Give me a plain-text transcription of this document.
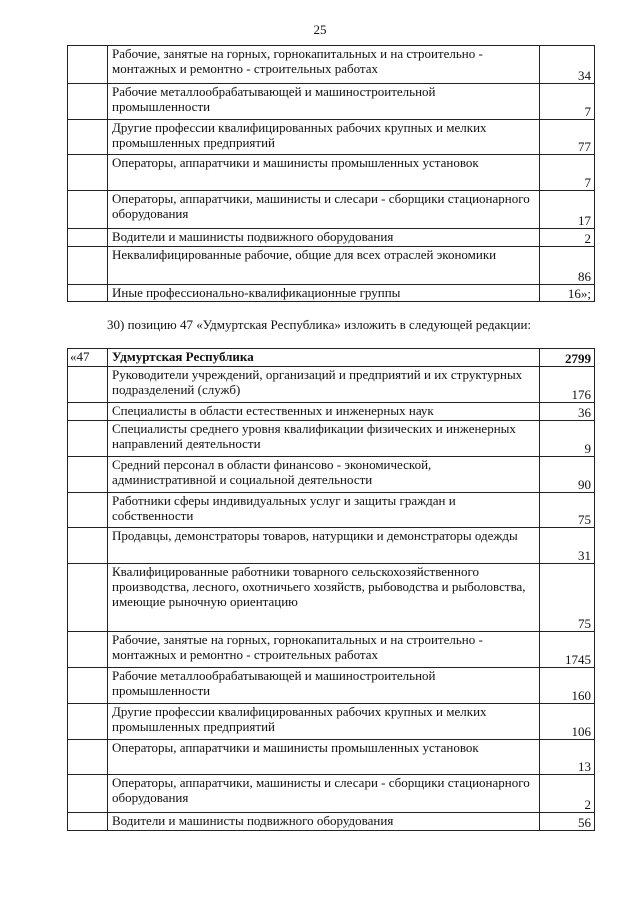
25
	Рабочие, занятые на горных, горнокапитальных и на строительно - монтажных и ремонтно - строительных работах	34
	Рабочие металлообрабатывающей и машиностроительной промышленности	7
	Другие профессии квалифицированных рабочих крупных и мелких промышленных предприятий	77
	Операторы, аппаратчики и машинисты промышленных установок	7
	Операторы, аппаратчики, машинисты и слесари - сборщики стационарного оборудования	17
	Водители и машинисты подвижного оборудования	2
	Неквалифицированные рабочие, общие для всех отраслей экономики	86
	Иные профессионально-квалификационные группы	16»;
30) позицию 47 «Удмуртская Республика» изложить в следующей редакции:
«47	Удмуртская Республика	2799
	Руководители учреждений, организаций и предприятий и их структурных подразделений (служб)	176
	Специалисты в области естественных и инженерных наук	36
	Специалисты среднего уровня квалификации физических и инженерных направлений деятельности	9
	Средний персонал в области финансово - экономической, административной и социальной деятельности	90
	Работники сферы индивидуальных услуг и защиты граждан и собственности	75
	Продавцы, демонстраторы товаров, натурщики и демонстраторы одежды	31
	Квалифицированные работники товарного сельскохозяйственного производства, лесного, охотничьего хозяйств, рыбоводства и рыболовства, имеющие рыночную ориентацию	75
	Рабочие, занятые на горных, горнокапитальных и на строительно - монтажных и ремонтно - строительных работах	1745
	Рабочие металлообрабатывающей и машиностроительной промышленности	160
	Другие профессии квалифицированных рабочих крупных и мелких промышленных предприятий	106
	Операторы, аппаратчики и машинисты промышленных установок	13
	Операторы, аппаратчики, машинисты и слесари - сборщики стационарного оборудования	2
	Водители и машинисты подвижного оборудования	56
